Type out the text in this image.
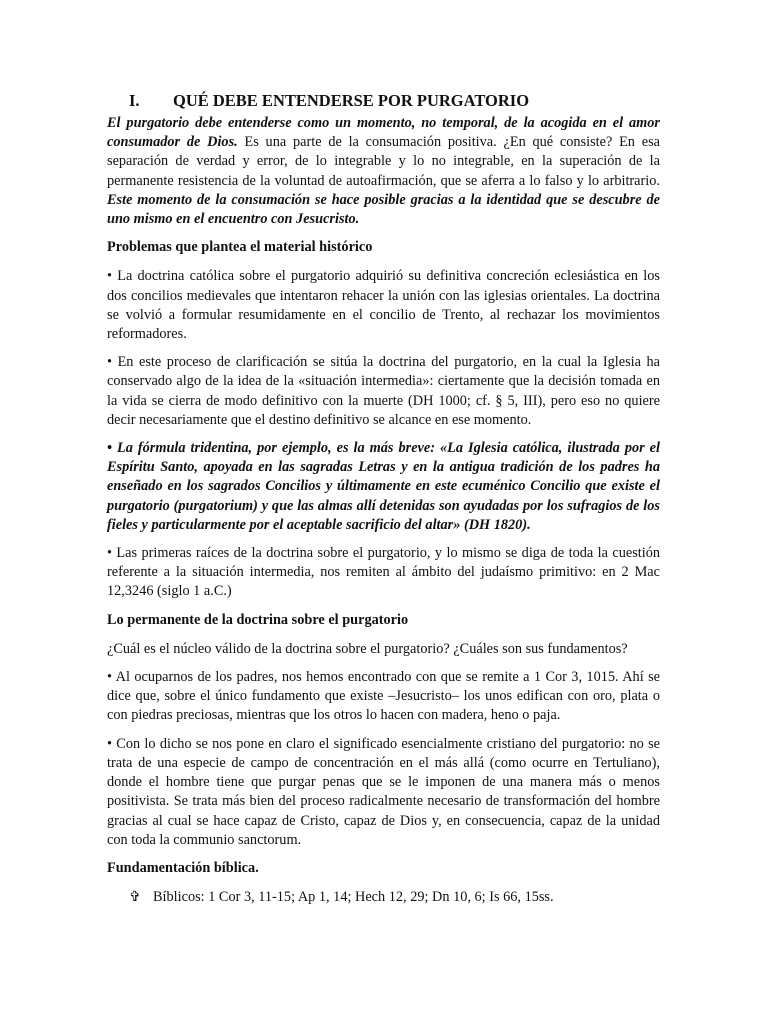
I.	QUÉ DEBE ENTENDERSE POR PURGATORIO

El purgatorio debe entenderse como un momento, no temporal, de la acogida en el amor consumador de Dios. Es una parte de la consumación positiva. ¿En qué consiste? En esa separación de verdad y error, de lo integrable y lo no integrable, en la superación de la permanente resistencia de la voluntad de autoafirmación, que se aferra a lo falso y lo arbitrario. Este momento de la consumación se hace posible gracias a la identidad que se descubre de uno mismo en el encuentro con Jesucristo.

Problemas que plantea el material histórico

• La doctrina católica sobre el purgatorio adquirió su definitiva concreción eclesiástica en los dos concilios medievales que intentaron rehacer la unión con las iglesias orientales. La doctrina se volvió a formular resumidamente en el concilio de Trento, al rechazar los movimientos reformadores.

• En este proceso de clarificación se sitúa la doctrina del purgatorio, en la cual la Iglesia ha conservado algo de la idea de la «situación intermedia»: ciertamente que la decisión tomada en la vida se cierra de modo definitivo con la muerte (DH 1000; cf. § 5, III), pero eso no quiere decir necesariamente que el destino definitivo se alcance en ese momento.

• La fórmula tridentina, por ejemplo, es la más breve: «La Iglesia católica, ilustrada por el Espíritu Santo, apoyada en las sagradas Letras y en la antigua tradición de los padres ha enseñado en los sagrados Concilios y últimamente en este ecuménico Concilio que existe el purgatorio (purgatorium) y que las almas allí detenidas son ayudadas por los sufragios de los fieles y particularmente por el aceptable sacrificio del altar» (DH 1820).

• Las primeras raíces de la doctrina sobre el purgatorio, y lo mismo se diga de toda la cuestión referente a la situación intermedia, nos remiten al ámbito del judaísmo primitivo: en 2 Mac 12,3246 (siglo 1 a.C.)

Lo permanente de la doctrina sobre el purgatorio

¿Cuál es el núcleo válido de la doctrina sobre el purgatorio? ¿Cuáles son sus fundamentos?

• Al ocuparnos de los padres, nos hemos encontrado con que se remite a 1 Cor 3, 1015. Ahí se dice que, sobre el único fundamento que existe –Jesucristo– los unos edifican con oro, plata o con piedras preciosas, mientras que los otros lo hacen con madera, heno o paja.

• Con lo dicho se nos pone en claro el significado esencialmente cristiano del purgatorio: no se trata de una especie de campo de concentración en el más allá (como ocurre en Tertuliano), donde el hombre tiene que purgar penas que se le imponen de una manera más o menos positivista. Se trata más bien del proceso radicalmente necesario de transformación del hombre gracias al cual se hace capaz de Cristo, capaz de Dios y, en consecuencia, capaz de la unidad con toda la communio sanctorum.

Fundamentación bíblica.

✞ Bíblicos: 1 Cor 3, 11-15; Ap 1, 14; Hech 12, 29; Dn 10, 6; Is 66, 15ss.
